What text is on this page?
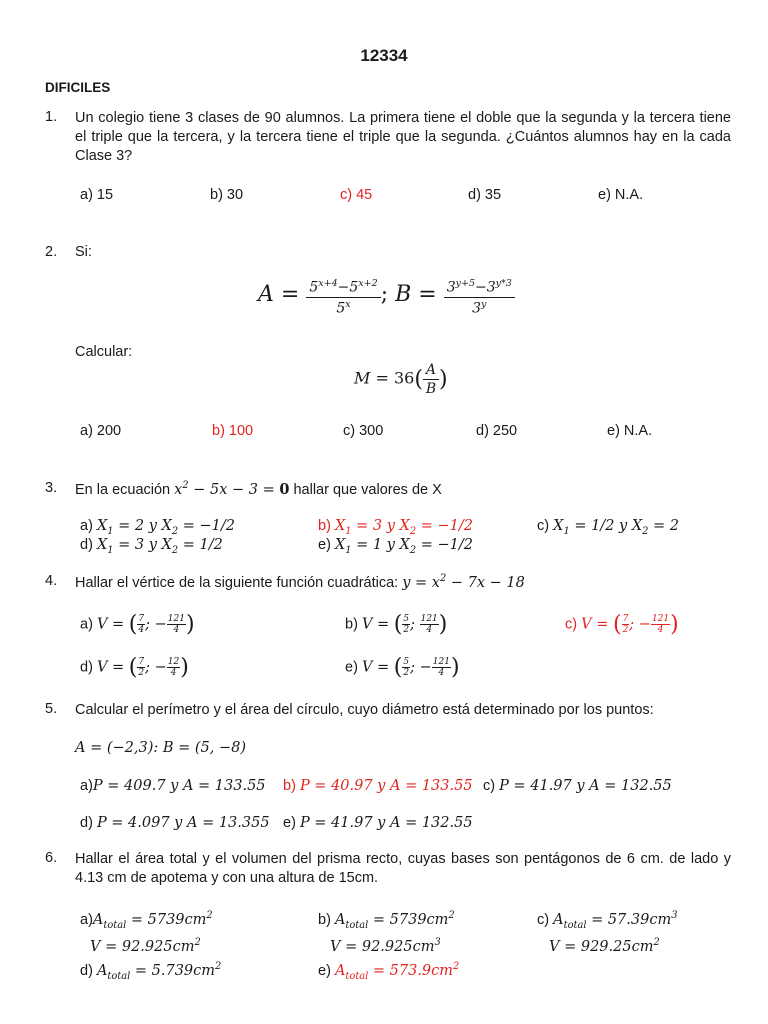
12334
DIFICILES
1. Un colegio tiene 3 clases de 90 alumnos. La primera tiene el doble que la segunda y la tercera tiene el triple que la tercera, y la tercera tiene el triple que la segunda. ¿Cuántos alumnos hay en la cada Clase 3?
a) 15	b) 30	c) 45	d) 35	e) N.A.
2. Si:
$A = \frac{5^{x+4}-5^{x+2}}{5^x}$ ; $B = \frac{3^{y+5}-3^{y*3}}{3^y}$
Calcular:
$M = 36( \frac{A}{B}$ )
a) 200	b) 100	c) 300	d) 250	e) N.A.
3. En la ecuación $x^2 - 5x - 3 = 0$ hallar que valores de X
a) $X_1 = 2$ y $X_2 = -1/2$	b) $X_1 = 3$ y $X_2 = -1/2$	c) $X_1 = 1/2$ y $X_2 = 2$
d) $X_1 = 3$ y $X_2 = 1/2$	e) $X_1 = 1$ y $X_2 = -1/2$
4. Hallar el vértice de la siguiente función cuadrática: $y = x^2 - 7x - 18$
a) V = ( $\frac{7}{4}$ ; − $\frac{121}{4}$ )	b) V = ( $\frac{5}{2}$ ; $\frac{121}{4}$ )	c) V = ( $\frac{7}{2}$ ; − $\frac{121}{4}$ )
d) V = ( $\frac{7}{2}$ ; − $\frac{12}{4}$ )	e) V = ( $\frac{5}{2}$ ; − $\frac{121}{4}$ )
5. Calcular el perímetro y el área del círculo, cuyo diámetro está determinado por los puntos:
A = (−2,3): B = (5, −8)
a)P = 409.7 y A = 133.55 b) P = 40.97 y A = 133.55 c) P = 41.97 y A = 132.55
d) P = 4.097 y A = 13.355 e) P = 41.97 y A = 132.55
6. Hallar el área total y el volumen del prisma recto, cuyas bases son pentágonos de 6 cm. de lado y 4.13 cm de apotema y con una altura de 15cm.
$a)A_{total} = 5739cm^2$
$V = 92.925cm^2$
b) $A_{total} = 5739cm^2$
$V = 92.925cm^3$
c) $A_{total} = 57.39cm^3$
$V = 929.25cm^2$
d) $A_{total} = 5.739cm^2$	e) $A_{total} = 573.9cm^2$
